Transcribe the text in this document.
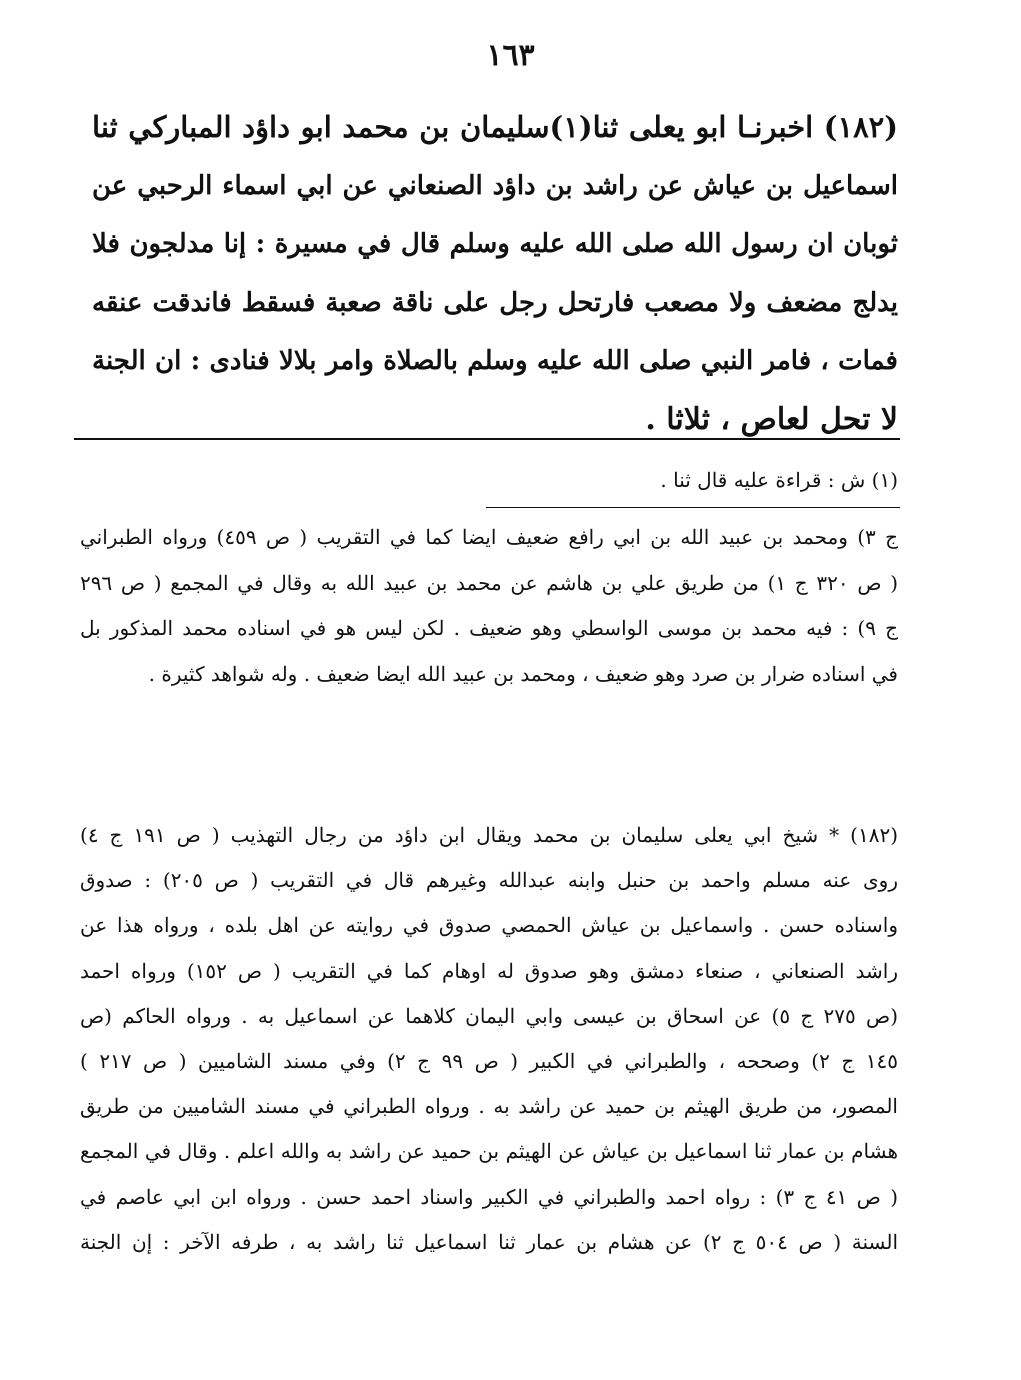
١٦٣
(١٨٢) اخبرنـا ابو يعلى ثنا(١)سليمان بن محمد ابو داؤد المباركي ثنا
اسماعيل بن عياش عن راشد بن داؤد الصنعاني عن ابي اسماء الرحبي عن
ثوبان ان رسول الله صلى الله عليه وسلم قال في مسيرة : إنا مدلجون فلا
يدلج مضعف ولا مصعب فارتحل رجل على ناقة صعبة فسقط فاندقت عنقه
فمات ، فامر النبي صلى الله عليه وسلم بالصلاة وامر بلالا فنادى : ان الجنة
لا تحل لعاص ، ثلاثا .
(١) ش : قراءة عليه قال ثنا .
ج ٣) ومحمد بن عبيد الله بن ابي رافع ضعيف ايضا كما في التقريب ( ص ٤٥٩) ورواه الطبراني
( ص ٣٢٠ ج ١) من طريق علي بن هاشم عن محمد بن عبيد الله به وقال في المجمع ( ص ٢٩٦
ج ٩) : فيه محمد بن موسى الواسطي وهو ضعيف . لكن ليس هو في اسناده محمد المذكور بل
في اسناده ضرار بن صرد وهو ضعيف ، ومحمد بن عبيد الله ايضا ضعيف . وله شواهد كثيرة .
(١٨٢) * شيخ ابي يعلى سليمان بن محمد ويقال ابن داؤد من رجال التهذيب ( ص ١٩١ ج ٤)
روى عنه مسلم واحمد بن حنبل وابنه عبدالله وغيرهم قال في التقريب ( ص ٢٠٥) : صدوق
واسناده حسن . واسماعيل بن عياش الحمصي صدوق في روايته عن اهل بلده ، ورواه هذا عن
راشد الصنعاني ، صنعاء دمشق وهو صدوق له اوهام كما في التقريب ( ص ١٥٢) ورواه احمد
(ص ٢٧٥ ج ٥) عن اسحاق بن عيسى وابي اليمان كلاهما عن اسماعيل به . ورواه الحاكم (ص
١٤٥ ج ٢) وصححه ، والطبراني في الكبير ( ص ٩٩ ج ٢) وفي مسند الشاميين ( ص ٢١٧ )
المصور، من طريق الهيثم بن حميد عن راشد به . ورواه الطبراني في مسند الشاميين من طريق
هشام بن عمار ثنا اسماعيل بن عياش عن الهيثم بن حميد عن راشد به والله اعلم . وقال في المجمع
( ص ٤١ ج ٣) : رواه احمد والطبراني في الكبير واسناد احمد حسن . ورواه ابن ابي عاصم في
السنة ( ص ٥٠٤ ج ٢) عن هشام بن عمار ثنا اسماعيل ثنا راشد به ، طرفه الآخر : إن الجنة
